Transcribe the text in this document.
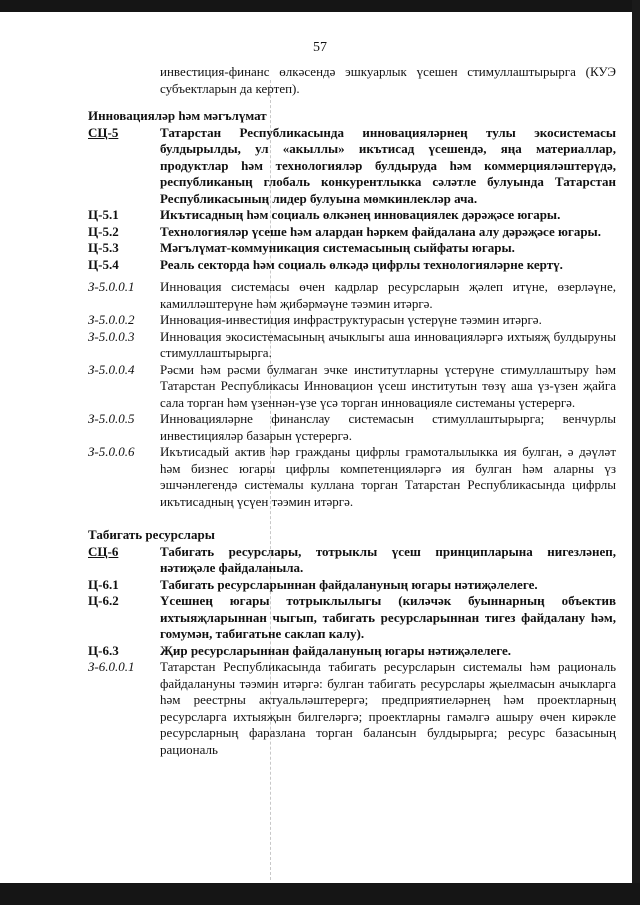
57

инвестиция-финанс өлкәсендә эшкуарлык үсешен стимуллаштырырга (КУЭ субъектларын да кертеп).

Инновацияләр һәм мәгълүмат

СЦ-5	Татарстан Республикасында инновацияләрнең тулы экосистемасы булдырылды, ул «акыллы» икътисад үсешендә, яңа материаллар, продуктлар һәм технологияләр булдыруда һәм коммерцияләштерүдә, республиканың глобаль конкурентлыкка сәләтле булуында Татарстан Республикасының лидер булуына мөмкинлекләр ача.
Ц-5.1	Икътисадның һәм социаль өлкәнең инновациялек дәрәҗәсе югары.
Ц-5.2	Технологияләр үсеше һәм алардан һәркем файдалана алу дәрәҗәсе югары.
Ц-5.3	Мәгълүмат-коммуникация системасының сыйфаты югары.
Ц-5.4	Реаль секторда һәм социаль өлкәдә цифрлы технологияләрне кертү.
З-5.0.0.1	Инновация системасы өчен кадрлар ресурсларын җәлеп итүне, өзерләүне, камилләштерүне һәм җибәрмәүне тәэмин итәргә.
З-5.0.0.2	Инновация-инвестиция инфраструктурасын үстерүне тәэмин итәргә.
З-5.0.0.3	Инновация экосистемасының ачыклыгы аша инновацияләргә ихтыяҗ булдыруны стимуллаштырырга.
З-5.0.0.4	Рәсми һәм рәсми булмаган эчке институтларны үстерүне стимуллаштыру һәм Татарстан Республикасы Инновацион үсеш институтын төзү аша үз-үзен җайга сала торган һәм үзеннән-үзе үсә торган инновацияле системаны үстерергә.
З-5.0.0.5	Инновацияләрне финанслау системасын стимуллаштырырга; венчурлы инвестицияләр базарын үстерергә.
З-5.0.0.6	Икътисадый актив һәр гражданы цифрлы грамоталылыкка ия булган, ә дәүләт һәм бизнес югары цифрлы компетенцияләргә ия булган һәм аларны үз эшчәнлегендә системалы куллана торган Татарстан Республикасында цифрлы икътисадның үсүен тәэмин итәргә.

Табигать ресурслары

СЦ-6	Табигать ресурслары, тотрыклы үсеш принципларына нигезләнеп, нәтиҗәле файдаланыла.
Ц-6.1	Табигать ресурсларыннан файдалануның югары нәтиҗәлелеге.
Ц-6.2	Үсешнең югары тотрыклылыгы (киләчәк буыннарның объектив ихтыяҗларыннан чыгып, табигать ресурсларыннан тигез файдалану һәм, гомумән, табигатьне саклап калу).
Ц-6.3	Җир ресурсларыннан файдалануның югары нәтиҗәлелеге.
З-6.0.0.1	Татарстан Республикасында табигать ресурсларын системалы һәм рациональ файдалануны тәэмин итәргә: булган табигать ресурслары җыелмасын ачыкларга һәм реестрны актуальләштерергә; предприятиеләрнең һәм проектларның ресурсларга ихтыяҗын билгеләргә; проектларны гамәлгә ашыру өчен кирәкле ресурсларның фаразлана торган балансын булдырырга; ресурс базасының рациональ
